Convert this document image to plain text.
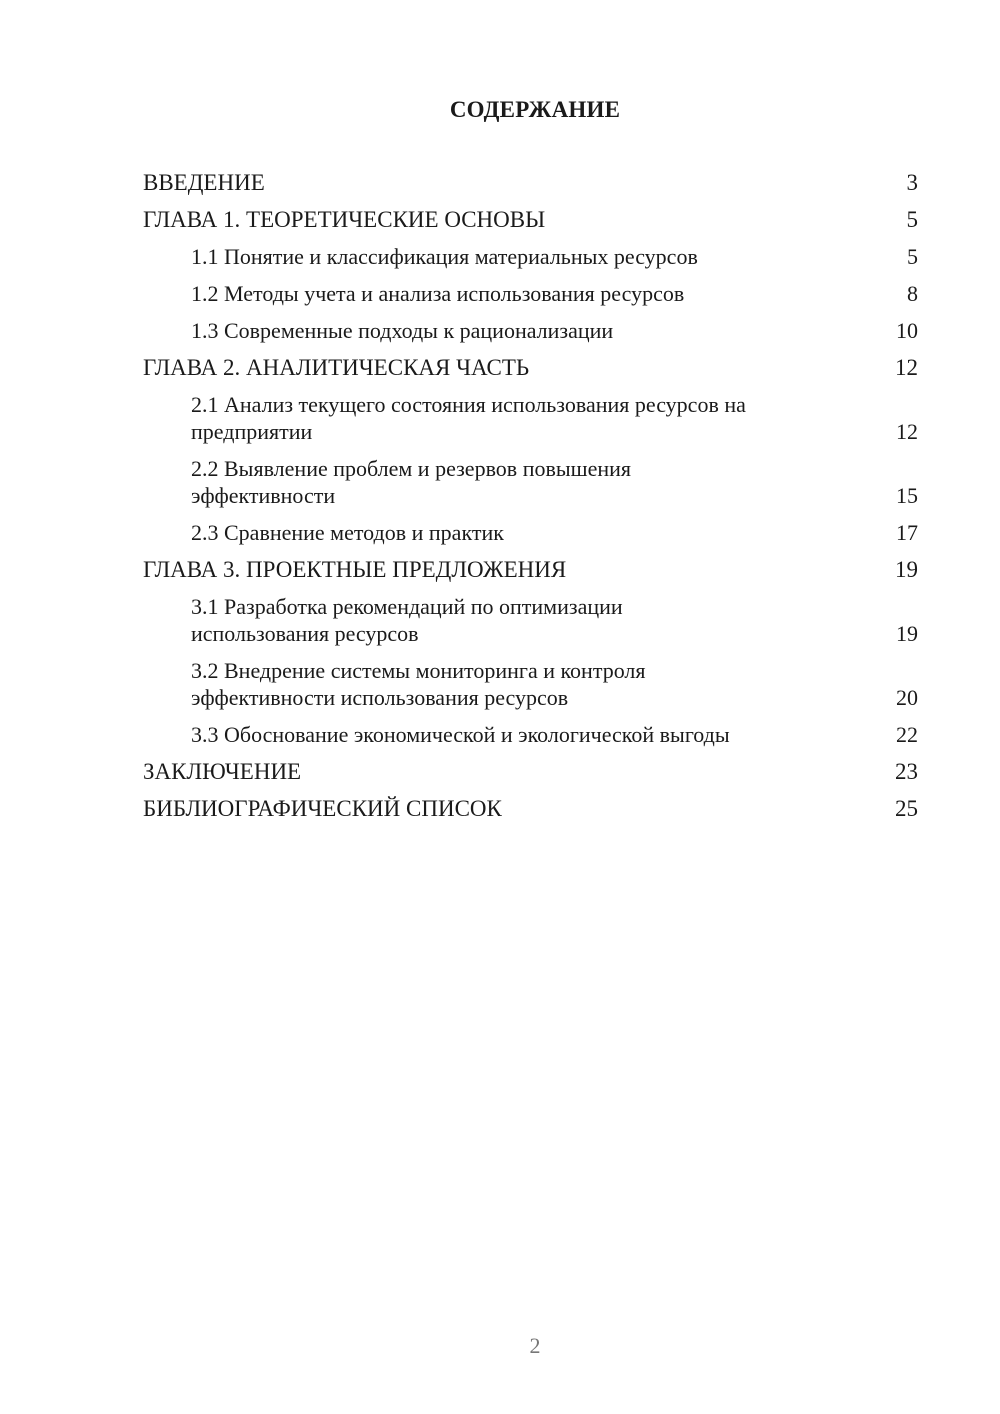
СОДЕРЖАНИЕ
ВВЕДЕНИЕ	3
ГЛАВА 1. ТЕОРЕТИЧЕСКИЕ ОСНОВЫ	5
1.1 Понятие и классификация материальных ресурсов	5
1.2 Методы учета и анализа использования ресурсов	8
1.3 Современные подходы к рационализации	10
ГЛАВА 2. АНАЛИТИЧЕСКАЯ ЧАСТЬ	12
2.1 Анализ текущего состояния использования ресурсов на предприятии	12
2.2 Выявление проблем и резервов повышения эффективности	15
2.3 Сравнение методов и практик	17
ГЛАВА 3. ПРОЕКТНЫЕ ПРЕДЛОЖЕНИЯ	19
3.1 Разработка рекомендаций по оптимизации использования ресурсов	19
3.2 Внедрение системы мониторинга и контроля эффективности использования ресурсов	20
3.3 Обоснование экономической и экологической выгоды	22
ЗАКЛЮЧЕНИЕ	23
БИБЛИОГРАФИЧЕСКИЙ СПИСОК	25

2
